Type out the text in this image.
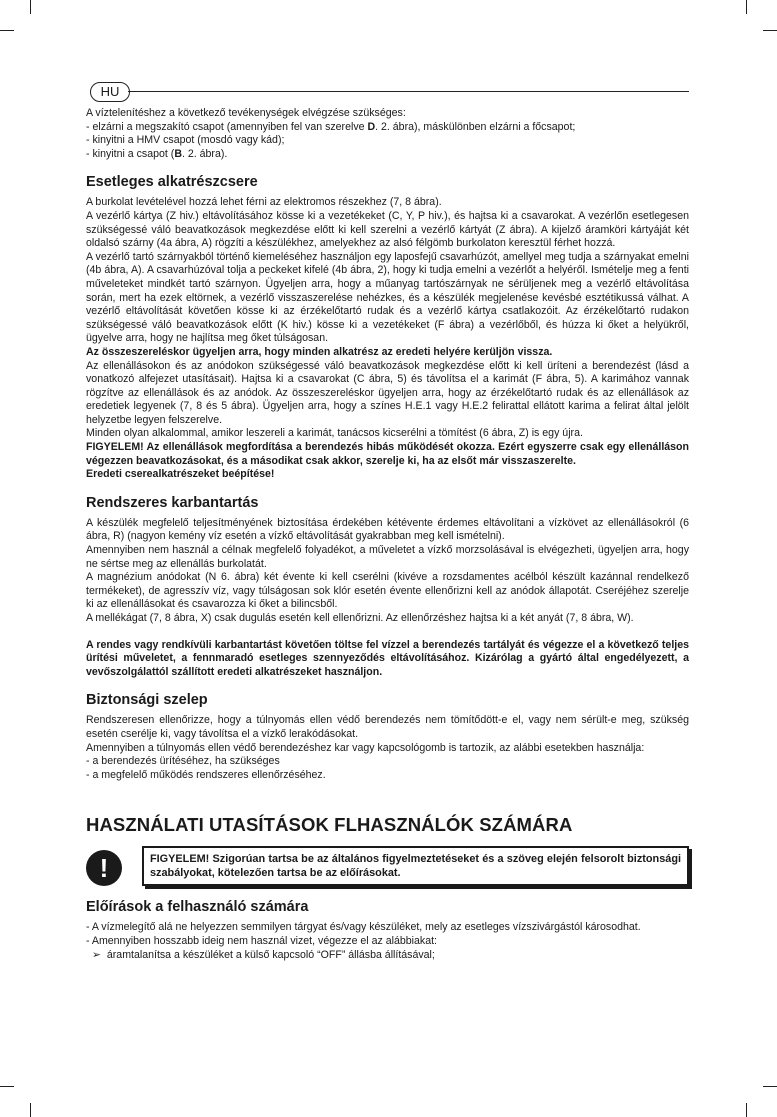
HU

A víztelenítéshez a következő tevékenységek elvégzése szükséges:

- elzárni a megszakító csapot (amennyiben fel van szerelve D. 2. ábra), máskülönben elzárni a főcsapot;

- kinyitni a HMV csapot (mosdó vagy kád);

- kinyitni a csapot (B. 2. ábra).

Esetleges alkatrészcsere

A burkolat levételével hozzá lehet férni az elektromos részekhez (7, 8 ábra).

A vezérlő kártya (Z hiv.) eltávolításához kösse ki a vezetékeket (C, Y, P hiv.), és hajtsa ki a csavarokat. A vezérlőn esetlegesen szükségessé váló beavatkozások megkezdése előtt ki kell szerelni a vezérlő kártyát (Z ábra). A kijelző áramköri kártyáját két oldalsó szárny (4a ábra, A) rögzíti a készülékhez, amelyekhez az alsó félgömb burkolaton keresztül férhet hozzá.

A vezérlő tartó szárnyakból történő kiemeléséhez használjon egy laposfejű csavarhúzót, amellyel meg tudja a szárnyakat emelni (4b ábra, A). A csavarhúzóval tolja a peckeket kifelé (4b ábra, 2), hogy ki tudja emelni a vezérlőt a helyéről. Ismételje meg a fenti műveleteket mindkét tartó szárnyon. Ügyeljen arra, hogy a műanyag tartószárnyak ne sérüljenek meg a vezérlő eltávolítása során, mert ha ezek eltörnek, a vezérlő visszaszerelése nehézkes, és a készülék megjelenése kevésbé esztétikussá válhat. A vezérlő eltávolítását követően kösse ki az érzékelőtartó rudak és a vezérlő kártya csatlakozóit. Az érzékelőtartó rudakon szükségessé váló beavatkozások előtt (K hiv.) kösse ki a vezetékeket (F ábra) a vezérlőből, és húzza ki őket a helyükről, ügyelve arra, hogy ne hajlítsa meg őket túlságosan.

Az összeszereléskor ügyeljen arra, hogy minden alkatrész az eredeti helyére kerüljön vissza.

Az ellenállásokon és az anódokon szükségessé váló beavatkozások megkezdése előtt ki kell üríteni a berendezést (lásd a vonatkozó alfejezet utasításait). Hajtsa ki a csavarokat (C ábra, 5) és távolítsa el a karimát (F ábra, 5). A karimához vannak rögzítve az ellenállások és az anódok. Az összeszereléskor ügyeljen arra, hogy az érzékelőtartó rudak és az ellenállások az eredetiek legyenek (7, 8 és 5 ábra). Ügyeljen arra, hogy a színes H.E.1 vagy H.E.2 felirattal ellátott karima a felirat által jelölt helyzetbe legyen felszerelve.

Minden olyan alkalommal, amikor leszereli a karimát, tanácsos kicserélni a tömítést (6 ábra, Z) is egy újra.

FIGYELEM! Az ellenállások megfordítása a berendezés hibás működését okozza. Ezért egyszerre csak egy ellenálláson végezzen beavatkozásokat, és a másodikat csak akkor, szerelje ki, ha az elsőt már visszaszerelte.

Eredeti cserealkatrészeket beépítése!

Rendszeres karbantartás

A készülék megfelelő teljesítményének biztosítása érdekében kétévente érdemes eltávolítani a vízkövet az ellenállásokról (6 ábra, R) (nagyon kemény víz esetén a vízkő eltávolítását gyakrabban meg kell ismételni).

Amennyiben nem használ a célnak megfelelő folyadékot, a műveletet a vízkő morzsolásával is elvégezheti, ügyeljen arra, hogy ne sértse meg az ellenállás burkolatát.

A magnézium anódokat (N 6. ábra) két évente ki kell cserélni (kivéve a rozsdamentes acélból készült kazánnal rendelkező termékeket), de agresszív víz, vagy túlságosan sok klór esetén évente ellenőrizni kell az anódok állapotát. Cseréjéhez szerelje ki az ellenállásokat és csavarozza ki őket a bilincsből.

A mellékágat (7, 8 ábra, X) csak dugulás esetén kell ellenőrizni. Az ellenőrzéshez hajtsa ki a két anyát (7, 8 ábra, W).

A rendes vagy rendkívüli karbantartást követően töltse fel vízzel a berendezés tartályát és végezze el a következő teljes ürítési műveletet, a fennmaradó esetleges szennyeződés eltávolításához. Kizárólag a gyártó által engedélyezett, a vevőszolgálattól szállított eredeti alkatrészeket használjon.

Biztonsági szelep

Rendszeresen ellenőrizze, hogy a túlnyomás ellen védő berendezés nem tömítődött-e el, vagy nem sérült-e meg, szükség esetén cserélje ki, vagy távolítsa el a vízkő lerakódásokat.

Amennyiben a túlnyomás ellen védő berendezéshez kar vagy kapcsológomb is tartozik, az alábbi esetekben használja:

- a berendezés ürítéséhez, ha szükséges

- a megfelelő működés rendszeres ellenőrzéséhez.

HASZNÁLATI UTASÍTÁSOK FLHASZNÁLÓK SZÁMÁRA
!	FIGYELEM! Szigorúan tartsa be az általános figyelmeztetéseket és a szöveg elején felsorolt biztonsági szabályokat, kötelezően tartsa be az előírásokat.
Előírások a felhasználó számára

- A vízmelegítő alá ne helyezzen semmilyen tárgyat és/vagy készüléket, mely az esetleges vízszivárgástól károsodhat.

- Amennyiben hosszabb ideig nem használ vizet, végezze el az alábbiakat:

➢ áramtalanítsa a készüléket a külső kapcsoló “OFF” állásba állításával;
